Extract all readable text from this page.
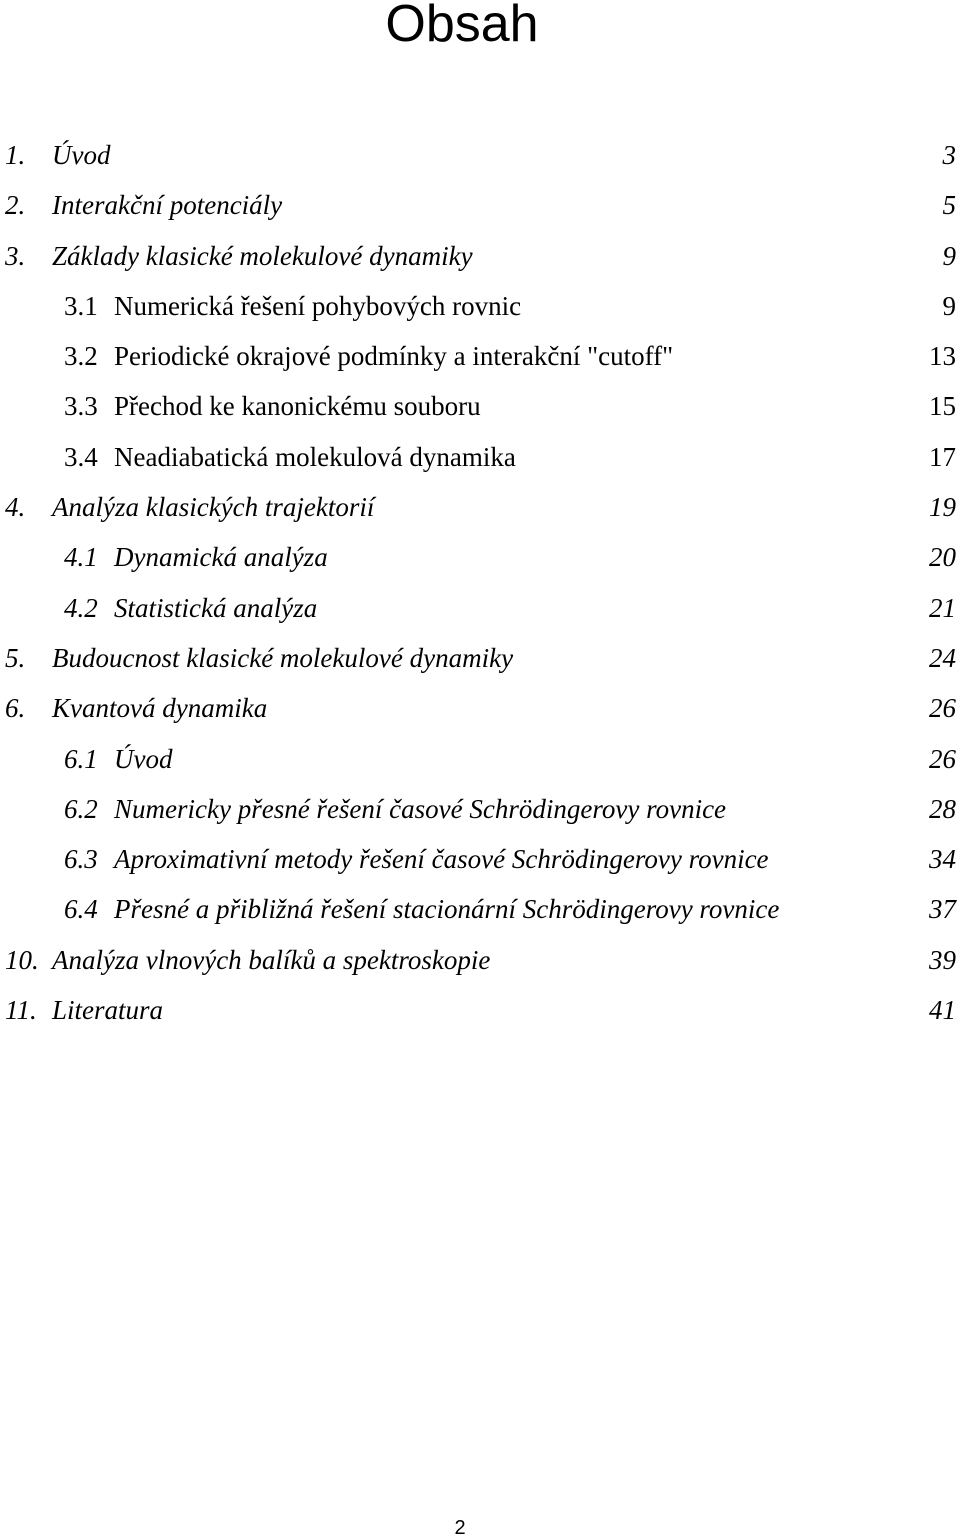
Obsah
1. Úvod	3
2. Interakční potenciály	5
3. Základy klasické molekulové dynamiky	9
3.1 Numerická řešení pohybových rovnic	9
3.2 Periodické okrajové podmínky a interakční "cutoff"	13
3.3 Přechod ke kanonickému souboru	15
3.4 Neadiabatická molekulová dynamika	17
4. Analýza klasických trajektorií	19
4.1 Dynamická analýza	20
4.2 Statistická analýza	21
5. Budoucnost klasické molekulové dynamiky	24
6. Kvantová dynamika	26
6.1 Úvod	26
6.2 Numericky přesné řešení časové Schrödingerovy rovnice	28
6.3 Aproximativní metody řešení časové Schrödingerovy rovnice	34
6.4 Přesné a přibližná řešení stacionární Schrödingerovy rovnice	37
10. Analýza vlnových balíků a spektroskopie	39
11. Literatura	41
2
